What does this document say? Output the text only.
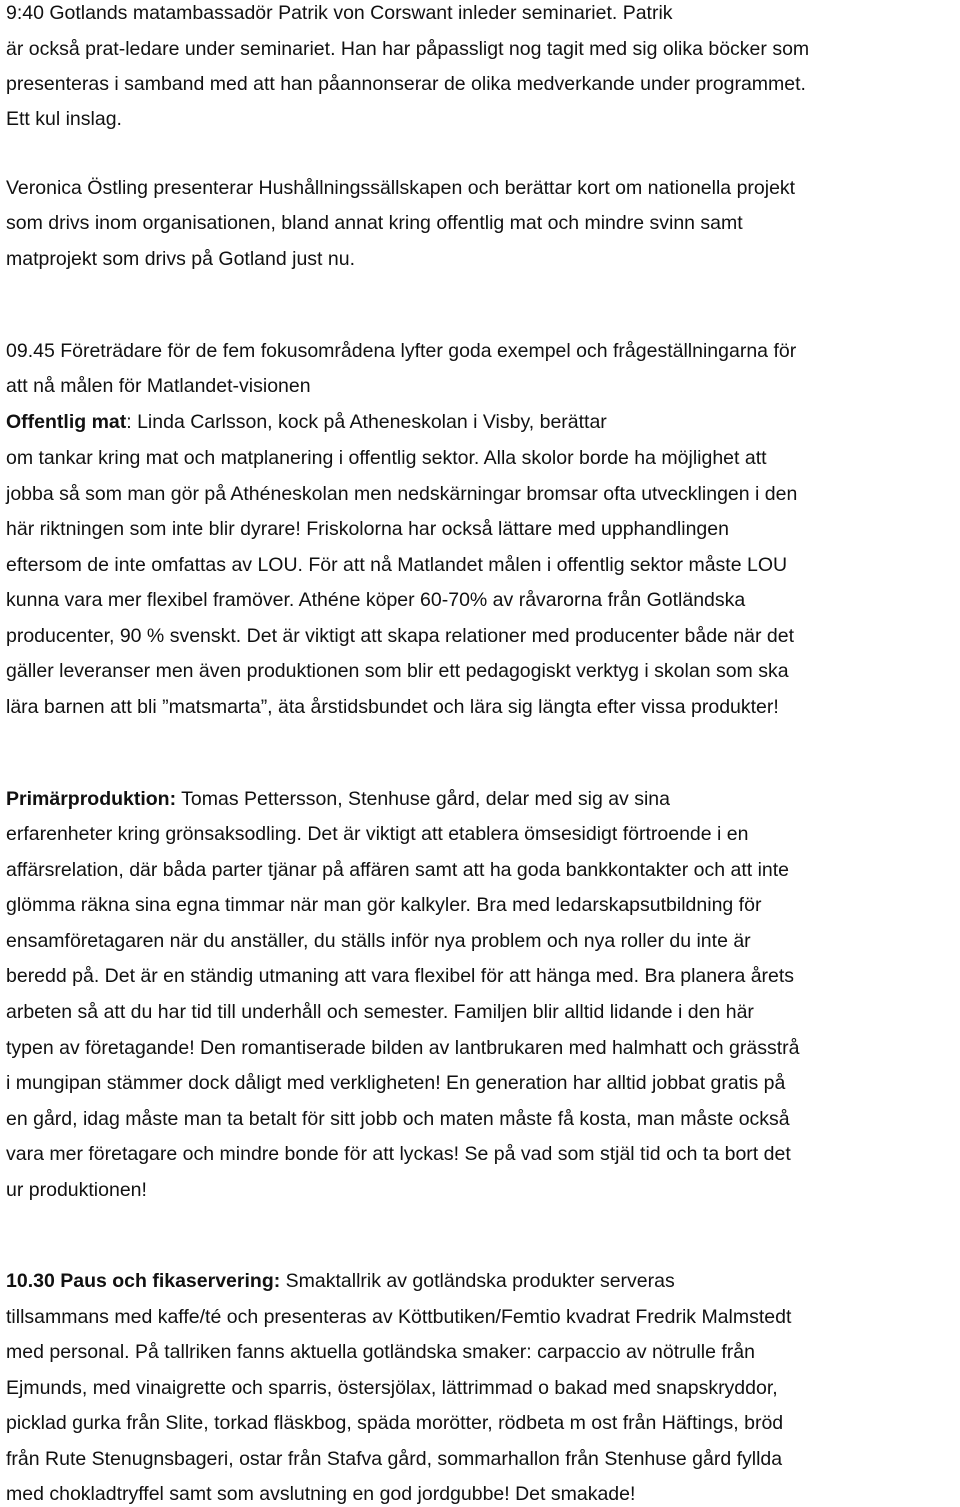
9:40 Gotlands matambassadör Patrik von Corswant inleder seminariet. Patrik
är också prat-ledare under seminariet. Han har påpassligt nog tagit med sig olika böcker som
presenteras i samband med att han påannonserar de olika medverkande under programmet.
Ett kul inslag.
Veronica Östling presenterar Hushållningssällskapen och berättar kort om nationella projekt
som drivs inom organisationen, bland annat kring offentlig mat och mindre svinn samt
matprojekt som drivs på Gotland just nu.
09.45 Företrädare för de fem fokusområdena lyfter goda exempel och frågeställningarna för
att nå målen för Matlandet-visionen
Offentlig mat: Linda Carlsson, kock på Atheneskolan i Visby, berättar
om tankar kring mat och matplanering i offentlig sektor. Alla skolor borde ha möjlighet att
jobba så som man gör på Athéneskolan men nedskärningar bromsar ofta utvecklingen i den
här riktningen som inte blir dyrare! Friskolorna har också lättare med upphandlingen
eftersom de inte omfattas av LOU. För att nå Matlandet målen i offentlig sektor måste LOU
kunna vara mer flexibel framöver. Athéne köper 60-70% av råvarorna från Gotländska
producenter, 90 % svenskt. Det är viktigt att skapa relationer med producenter både när det
gäller leveranser men även produktionen som blir ett pedagogiskt verktyg i skolan som ska
lära barnen att bli ”matsmarta”, äta årstidsbundet och lära sig längta efter vissa produkter!
Primärproduktion: Tomas Pettersson, Stenhuse gård, delar med sig av sina
erfarenheter kring grönsaksodling. Det är viktigt att etablera ömsesidigt förtroende i en
affärsrelation, där båda parter tjänar på affären samt att ha goda bankkontakter och att inte
glömma räkna sina egna timmar när man gör kalkyler. Bra med ledarskapsutbildning för
ensamföretagaren när du anställer, du ställs inför nya problem och nya roller du inte är
beredd på. Det är en ständig utmaning att vara flexibel för att hänga med. Bra planera årets
arbeten så att du har tid till underhåll och semester. Familjen blir alltid lidande i den här
typen av företagande! Den romantiserade bilden av lantbrukaren med halmhatt och grässtrå
i mungipan stämmer dock dåligt med verkligheten! En generation har alltid jobbat gratis på
en gård, idag måste man ta betalt för sitt jobb och maten måste få kosta, man måste också
vara mer företagare och mindre bonde för att lyckas! Se på vad som stjäl tid och ta bort det
ur produktionen!
10.30 Paus och fikaservering: Smaktallrik av gotländska produkter serveras
tillsammans med kaffe/té och presenteras av Köttbutiken/Femtio kvadrat Fredrik Malmstedt
med personal. På tallriken fanns aktuella gotländska smaker: carpaccio av nötrulle från
Ejmunds, med vinaigrette och sparris, östersjölax, lättrimmad o bakad med snapskryddor,
picklad gurka från Slite, torkad fläskbog, späda morötter, rödbeta m ost från Häftings, bröd
från Rute Stenugnsbageri, ostar från Stafva gård, sommarhallon från Stenhuse gård fyllda
med chokladtryffel samt som avslutning en god jordgubbe! Det smakade!
